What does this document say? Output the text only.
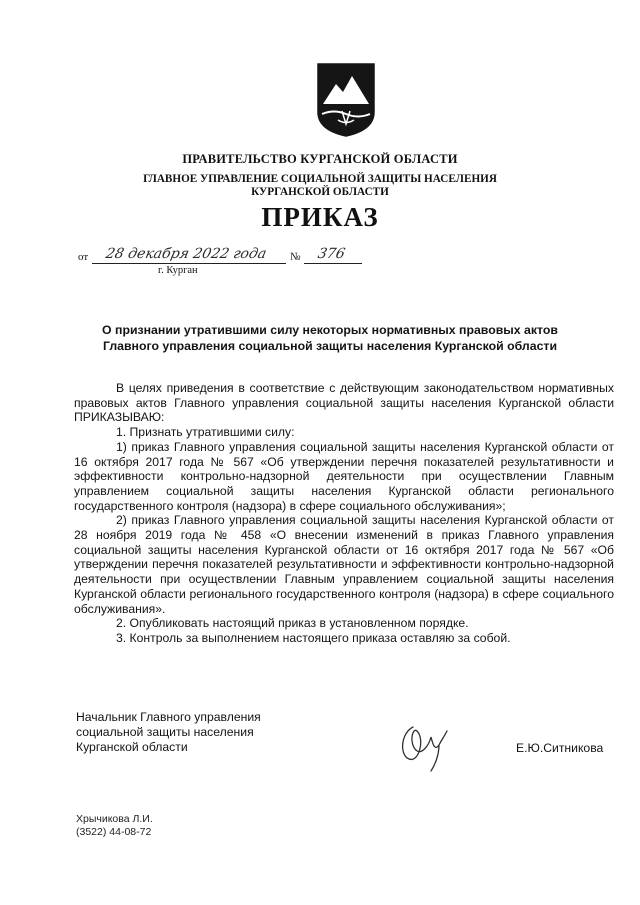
ПРАВИТЕЛЬСТВО КУРГАНСКОЙ ОБЛАСТИ
ГЛАВНОЕ УПРАВЛЕНИЕ СОЦИАЛЬНОЙ ЗАЩИТЫ НАСЕЛЕНИЯ
КУРГАНСКОЙ ОБЛАСТИ
ПРИКАЗ
от 28 декабря 2022 года № 376
г. Курган
О признании утратившими силу некоторых нормативных правовых актов
Главного управления социальной защиты населения Курганской области

В целях приведения в соответствие с действующим законодательством нормативных правовых актов Главного управления социальной защиты населения Курганской области ПРИКАЗЫВАЮ:

1. Признать утратившими силу:

1) приказ Главного управления социальной защиты населения Курганской области от 16 октября 2017 года № 567 «Об утверждении перечня показателей результативности и эффективности контрольно-надзорной деятельности при осуществлении Главным управлением социальной защиты населения Курганской области регионального государственного контроля (надзора) в сфере социального обслуживания»;

2) приказ Главного управления социальной защиты населения Курганской области от 28 ноября 2019 года № 458 «О внесении изменений в приказ Главного управления социальной защиты населения Курганской области от 16 октября 2017 года № 567 «Об утверждении перечня показателей результативности и эффективности контрольно-надзорной деятельности при осуществлении Главным управлением социальной защиты населения Курганской области регионального государственного контроля (надзора) в сфере социального обслуживания».

2. Опубликовать настоящий приказ в установленном порядке.

3. Контроль за выполнением настоящего приказа оставляю за собой.

Начальник Главного управления
социальной защиты населения
Курганской области	Е.Ю.Ситникова
Хрычикова Л.И.
(3522) 44-08-72
